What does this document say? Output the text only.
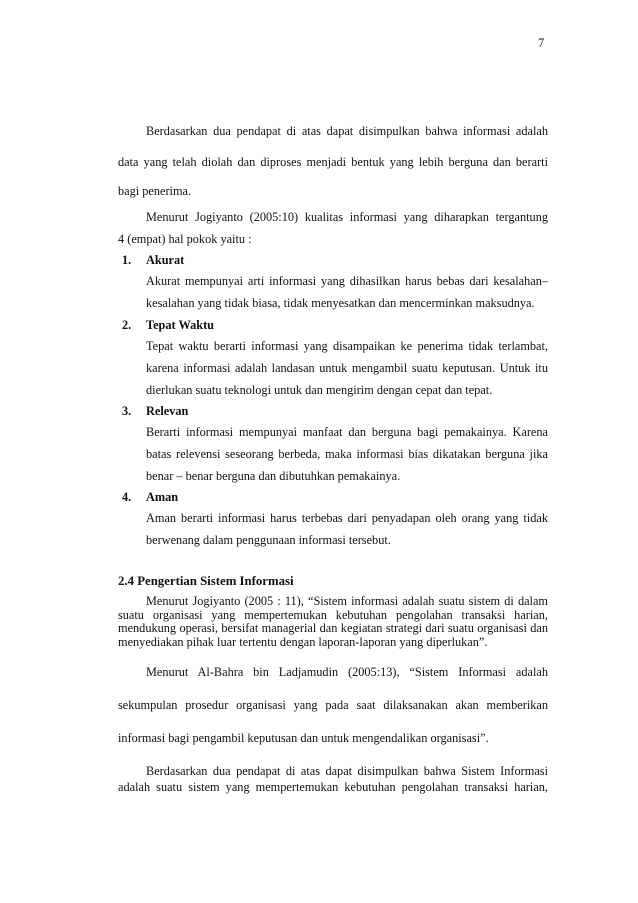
7
Berdasarkan dua pendapat di atas dapat disimpulkan bahwa informasi adalah
data yang telah diolah dan diproses menjadi bentuk yang lebih berguna dan berarti
bagi penerima.
Menurut Jogiyanto (2005:10) kualitas informasi yang diharapkan tergantung
4 (empat) hal pokok yaitu :
1. Akurat
Akurat mempunyai arti informasi yang dihasilkan harus bebas dari kesalahan–
kesalahan yang tidak biasa, tidak menyesatkan dan mencerminkan maksudnya.
2. Tepat Waktu
Tepat waktu berarti informasi yang disampaikan ke penerima tidak terlambat,
karena informasi adalah landasan untuk mengambil suatu keputusan. Untuk itu
dierlukan suatu teknologi untuk dan mengirim dengan cepat dan tepat.
3. Relevan
Berarti informasi mempunyai manfaat dan berguna bagi pemakainya. Karena
batas relevensi seseorang berbeda, maka informasi bias dikatakan berguna jika
benar – benar berguna dan dibutuhkan pemakainya.
4. Aman
Aman berarti informasi harus terbebas dari penyadapan oleh orang yang tidak
berwenang dalam penggunaan informasi tersebut.
2.4 Pengertian Sistem Informasi
Menurut Jogiyanto (2005 : 11), “Sistem informasi adalah suatu sistem di dalam suatu organisasi yang mempertemukan kebutuhan pengolahan transaksi harian, mendukung operasi, bersifat managerial dan kegiatan strategi dari suatu organisasi dan menyediakan pihak luar tertentu dengan laporan-laporan yang diperlukan”.
Menurut Al-Bahra bin Ladjamudin (2005:13), “Sistem Informasi adalah
sekumpulan prosedur organisasi yang pada saat dilaksanakan akan memberikan
informasi bagi pengambil keputusan dan untuk mengendalikan organisasi”.
Berdasarkan dua pendapat di atas dapat disimpulkan bahwa Sistem Informasi
adalah suatu sistem yang mempertemukan kebutuhan pengolahan transaksi harian,
